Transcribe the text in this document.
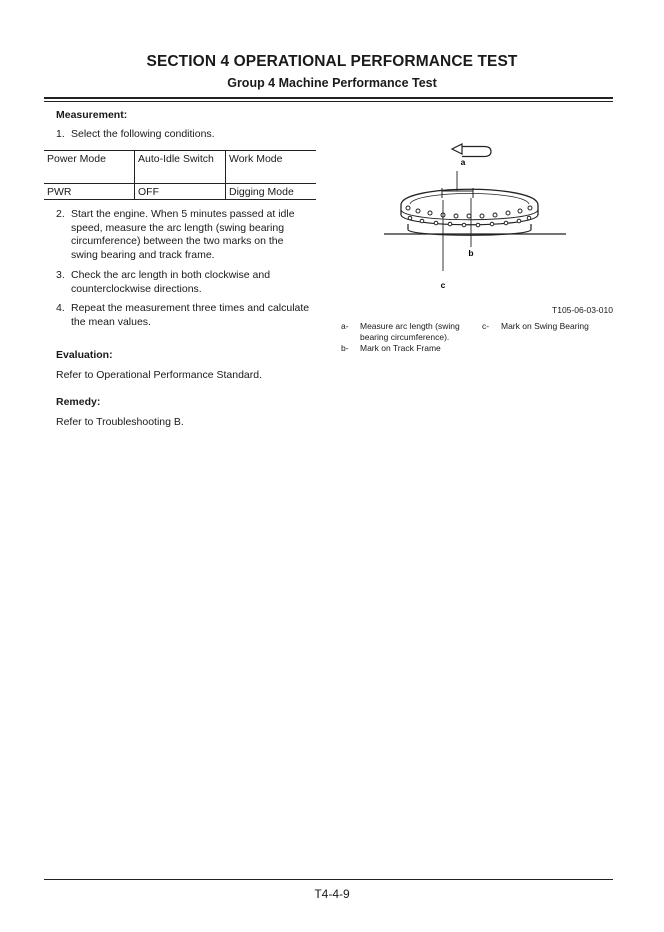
SECTION 4 OPERATIONAL PERFORMANCE TEST
Group 4 Machine Performance Test
Measurement:
1. Select the following conditions.
Power Mode	Auto-Idle Switch	Work Mode
PWR	OFF	Digging Mode
2. Start the engine. When 5 minutes passed at idle speed, measure the arc length (swing bearing circumference) between the two marks on the swing bearing and track frame.
3. Check the arc length in both clockwise and counterclockwise directions.
4. Repeat the measurement three times and calculate the mean values.
Evaluation:
Refer to Operational Performance Standard.
Remedy:
Refer to Troubleshooting B.
a
b
c
T105-06-03-010
a- Measure arc length (swing
bearing circumference).
b- Mark on Track Frame
c- Mark on Swing Bearing
T4-4-9
